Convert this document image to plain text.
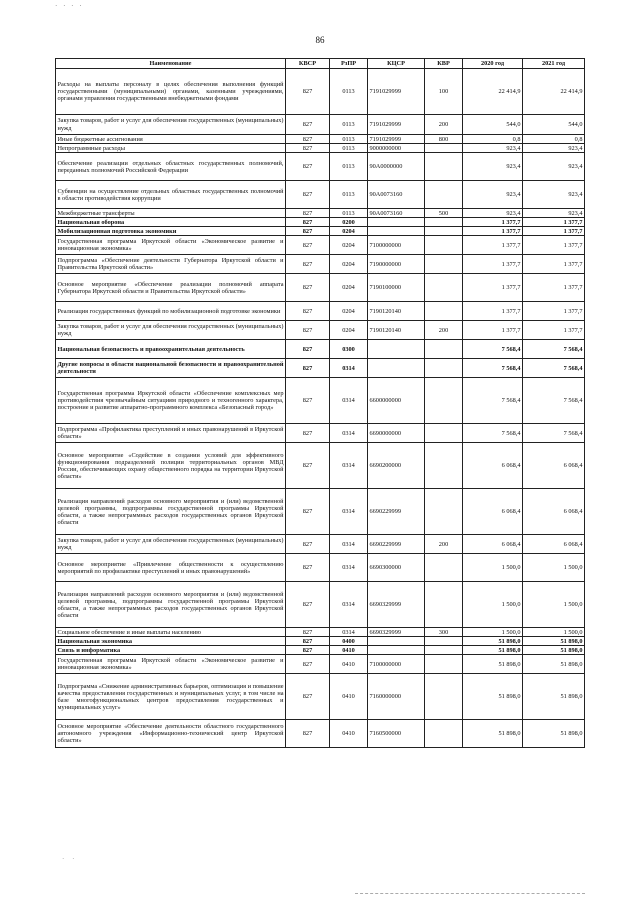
· · · ·
86
Наименование	КВСР	РзПР	КЦСР	КВР	2020 год	2021 год
Расходы на выплаты персоналу в целях обеспечения выполнения функций государственными (муниципальными) органами, казенными учреждениями, органами управления государственными внебюджетными фондами	827	0113	7191029999	100	22 414,9	22 414,9
Закупка товаров, работ и услуг для обеспечения государственных (муниципальных) нужд	827	0113	7191029999	200	544,0	544,0
Иные бюджетные ассигнования	827	0113	7191029999	800	0,8	0,8
Непрограммные расходы	827	0113	9000000000		923,4	923,4
Обеспечение реализации отдельных областных государственных полномочий, переданных полномочий Российской Федерации	827	0113	90A0000000		923,4	923,4
Субвенции на осуществление отдельных областных государственных полномочий в области противодействия коррупции	827	0113	90A0073160		923,4	923,4
Межбюджетные трансферты	827	0113	90A0073160	500	923,4	923,4
Национальная оборона	827	0200			1 377,7	1 377,7
Мобилизационная подготовка экономики	827	0204			1 377,7	1 377,7
Государственная программа Иркутской области «Экономическое развитие и инновационная экономика»	827	0204	7100000000		1 377,7	1 377,7
Подпрограмма «Обеспечение деятельности Губернатора Иркутской области и Правительства Иркутской области»	827	0204	7190000000		1 377,7	1 377,7
Основное мероприятие «Обеспечение реализации полномочий аппарата Губернатора Иркутской области и Правительства Иркутской области»	827	0204	7190100000		1 377,7	1 377,7
Реализация государственных функций по мобилизационной подготовке экономики	827	0204	7190120140		1 377,7	1 377,7
Закупка товаров, работ и услуг для обеспечения государственных (муниципальных) нужд	827	0204	7190120140	200	1 377,7	1 377,7
Национальная безопасность и правоохранительная деятельность	827	0300			7 568,4	7 568,4
Другие вопросы в области национальной безопасности и правоохранительной деятельности	827	0314			7 568,4	7 568,4
Государственная программа Иркутской области «Обеспечение комплексных мер противодействия чрезвычайным ситуациям природного и техногенного характера, построение и развитие аппаратно-программного комплекса «Безопасный город»	827	0314	6600000000		7 568,4	7 568,4
Подпрограмма «Профилактика преступлений и иных правонарушений в Иркутской области»	827	0314	6690000000		7 568,4	7 568,4
Основное мероприятие «Содействие в создании условий для эффективного функционирования подразделений полиции территориальных органов МВД России, обеспечивающих охрану общественного порядка на территории Иркутской области»	827	0314	6690200000		6 068,4	6 068,4
Реализация направлений расходов основного мероприятия и (или) ведомственной целевой программы, подпрограммы государственной программы Иркутской области, а также непрограммных расходов государственных органов Иркутской области	827	0314	6690229999		6 068,4	6 068,4
Закупка товаров, работ и услуг для обеспечения государственных (муниципальных) нужд	827	0314	6690229999	200	6 068,4	6 068,4
Основное мероприятие «Привлечение общественности к осуществлению мероприятий по профилактике преступлений и иных правонарушений»	827	0314	6690300000		1 500,0	1 500,0
Реализация направлений расходов основного мероприятия и (или) ведомственной целевой программы, подпрограммы государственной программы Иркутской области, а также непрограммных расходов государственных органов Иркутской области	827	0314	6690329999		1 500,0	1 500,0
Социальное обеспечение и иные выплаты населению	827	0314	6690329999	300	1 500,0	1 500,0
Национальная экономика	827	0400			51 898,0	51 898,0
Связь и информатика	827	0410			51 898,0	51 898,0
Государственная программа Иркутской области «Экономическое развитие и инновационная экономика»	827	0410	7100000000		51 898,0	51 898,0
Подпрограмма «Снижение административных барьеров, оптимизация и повышение качества предоставления государственных и муниципальных услуг, в том числе на базе многофункциональных центров предоставления государственных и муниципальных услуг»	827	0410	7160000000		51 898,0	51 898,0
Основное мероприятие «Обеспечение деятельности областного государственного автономного учреждения «Информационно-технический центр Иркутской области»	827	0410	7160500000		51 898,0	51 898,0
· ·
